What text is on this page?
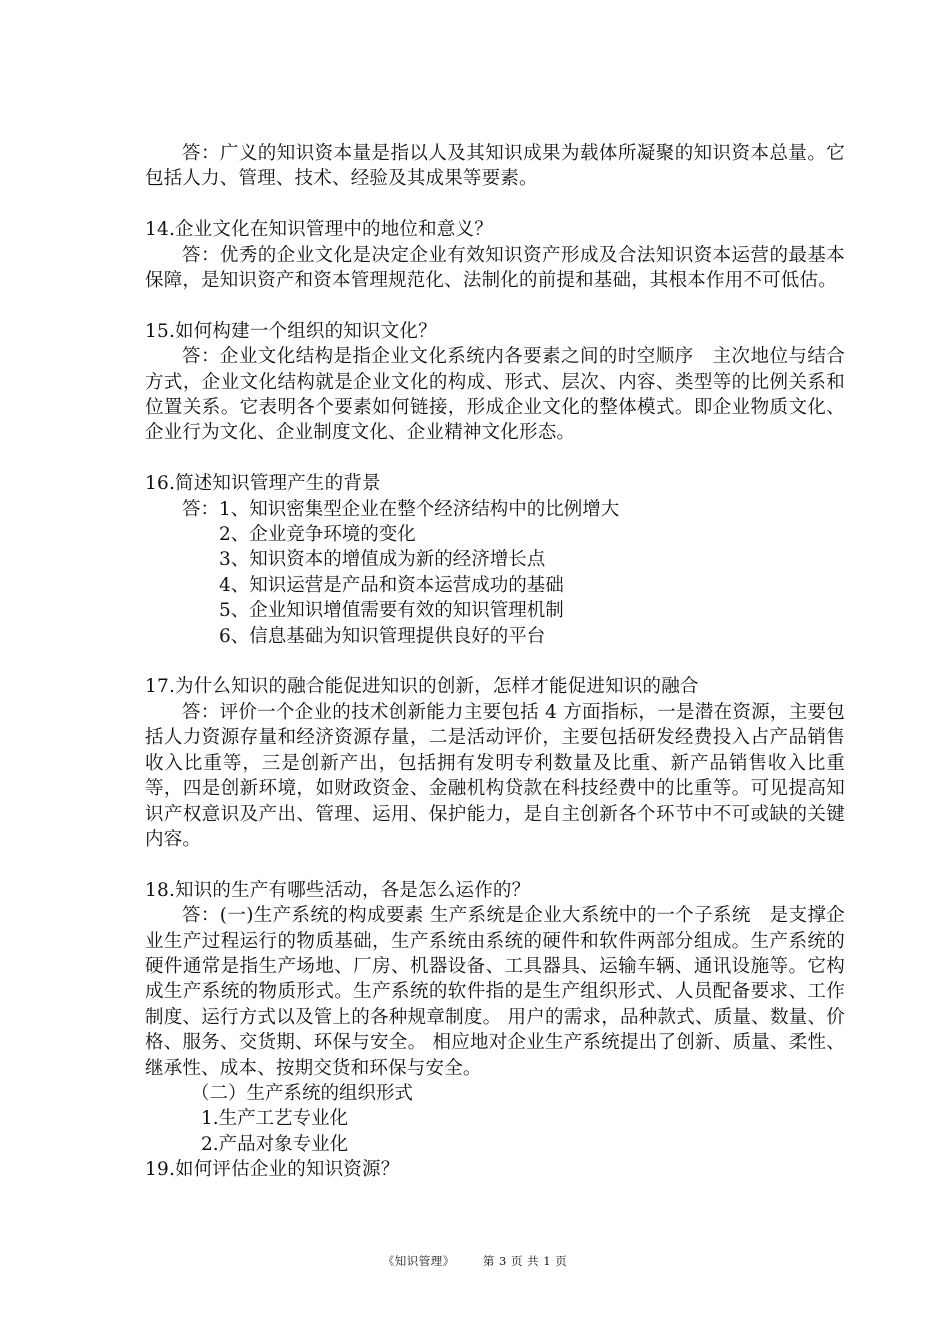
答：广义的知识资本量是指以人及其知识成果为载体所凝聚的知识资本总量。它包括人力、管理、技术、经验及其成果等要素。

14.企业文化在知识管理中的地位和意义？

答：优秀的企业文化是决定企业有效知识资产形成及合法知识资本运营的最基本保障，是知识资产和资本管理规范化、法制化的前提和基础，其根本作用不可低估。

15.如何构建一个组织的知识文化？

答：企业文化结构是指企业文化系统内各要素之间的时空顺序　主次地位与结合方式，企业文化结构就是企业文化的构成、形式、层次、内容、类型等的比例关系和位置关系。它表明各个要素如何链接，形成企业文化的整体模式。即企业物质文化、企业行为文化、企业制度文化、企业精神文化形态。

16.简述知识管理产生的背景

答：1、知识密集型企业在整个经济结构中的比例增大

2、企业竞争环境的变化

3、知识资本的增值成为新的经济增长点

4、知识运营是产品和资本运营成功的基础

5、企业知识增值需要有效的知识管理机制

6、信息基础为知识管理提供良好的平台

17.为什么知识的融合能促进知识的创新，怎样才能促进知识的融合

答：评价一个企业的技术创新能力主要包括 4 方面指标，一是潜在资源，主要包括人力资源存量和经济资源存量，二是活动评价，主要包括研发经费投入占产品销售收入比重等，三是创新产出，包括拥有发明专利数量及比重、新产品销售收入比重等，四是创新环境，如财政资金、金融机构贷款在科技经费中的比重等。可见提高知识产权意识及产出、管理、运用、保护能力，是自主创新各个环节中不可或缺的关键内容。

18.知识的生产有哪些活动，各是怎么运作的？

答：(一)生产系统的构成要素 生产系统是企业大系统中的一个子系统　是支撑企业生产过程运行的物质基础，生产系统由系统的硬件和软件两部分组成。生产系统的硬件通常是指生产场地、厂房、机器设备、工具器具、运输车辆、通讯设施等。它构成生产系统的物质形式。生产系统的软件指的是生产组织形式、人员配备要求、工作制度、运行方式以及管上的各种规章制度。 用户的需求，品种款式、质量、数量、价格、服务、交货期、环保与安全。 相应地对企业生产系统提出了创新、质量、柔性、继承性、成本、按期交货和环保与安全。

（二）生产系统的组织形式

1.生产工艺专业化

2.产品对象专业化

19.如何评估企业的知识资源？

《知识管理》 第 3 页 共 1 页
